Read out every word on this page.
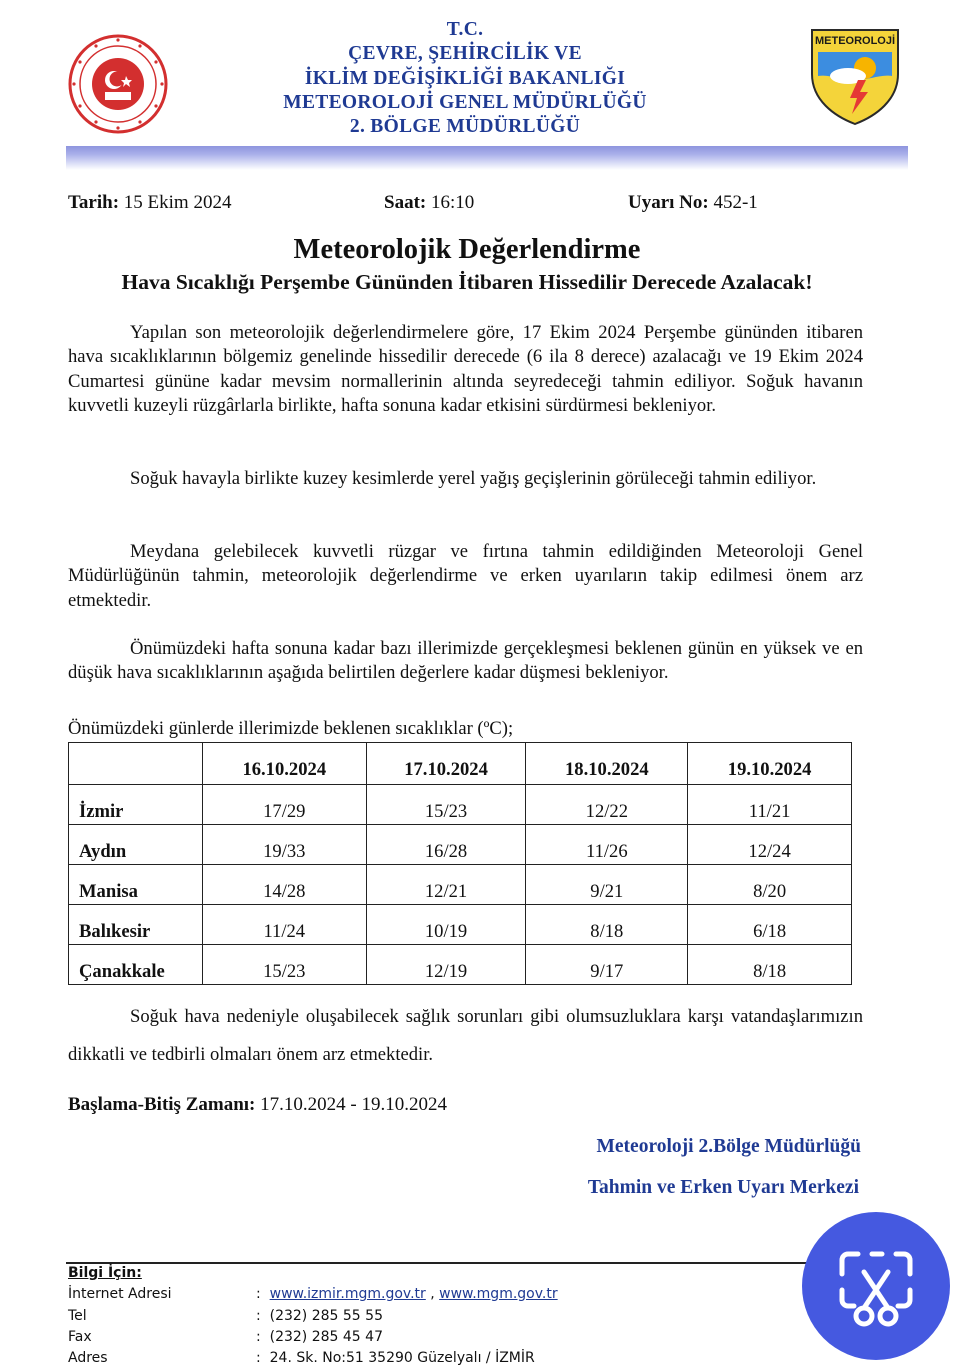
T.C.
ÇEVRE, ŞEHİRCİLİK VE
İKLİM DEĞİŞİKLİĞİ BAKANLIĞI
METEOROLOJİ GENEL MÜDÜRLÜĞÜ
2. BÖLGE MÜDÜRLÜĞÜ
METEOROLOJİ
Tarih: 15 Ekim 2024	Saat: 16:10	Uyarı No: 452-1
Meteorolojik Değerlendirme
Hava Sıcaklığı Perşembe Gününden İtibaren Hissedilir Derecede Azalacak!
Yapılan son meteorolojik değerlendirmelere göre, 17 Ekim 2024 Perşembe gününden itibaren hava sıcaklıklarının bölgemiz genelinde hissedilir derecede (6 ila 8 derece) azalacağı ve 19 Ekim 2024 Cumartesi gününe kadar mevsim normallerinin altında seyredeceği tahmin ediliyor. Soğuk havanın kuvvetli kuzeyli rüzgârlarla birlikte, hafta sonuna kadar etkisini sürdürmesi bekleniyor.
Soğuk havayla birlikte kuzey kesimlerde yerel yağış geçişlerinin görüleceği tahmin ediliyor.
Meydana gelebilecek kuvvetli rüzgar ve fırtına tahmin edildiğinden Meteoroloji Genel Müdürlüğünün tahmin, meteorolojik değerlendirme ve erken uyarıların takip edilmesi önem arz etmektedir.
Önümüzdeki hafta sonuna kadar bazı illerimizde gerçekleşmesi beklenen günün en yüksek ve en düşük hava sıcaklıklarının aşağıda belirtilen değerlere kadar düşmesi bekleniyor.
Önümüzdeki günlerde illerimizde beklenen sıcaklıklar (ºC);
	16.10.2024	17.10.2024	18.10.2024	19.10.2024
İzmir	17/29	15/23	12/22	11/21
Aydın	19/33	16/28	11/26	12/24
Manisa	14/28	12/21	9/21	8/20
Balıkesir	11/24	10/19	8/18	6/18
Çanakkale	15/23	12/19	9/17	8/18
Soğuk hava nedeniyle oluşabilecek sağlık sorunları gibi olumsuzluklara karşı vatandaşlarımızın dikkatli ve tedbirli olmaları önem arz etmektedir.
Başlama-Bitiş Zamanı: 17.10.2024 - 19.10.2024
Meteoroloji 2.Bölge Müdürlüğü
Tahmin ve Erken Uyarı Merkezi
Bilgi İçin:
İnternet Adresi	: www.izmir.mgm.gov.tr , www.mgm.gov.tr
Tel	: (232) 285 55 55
Fax	: (232) 285 45 47
Adres	: 24. Sk. No:51 35290 Güzelyalı / İZMİR
